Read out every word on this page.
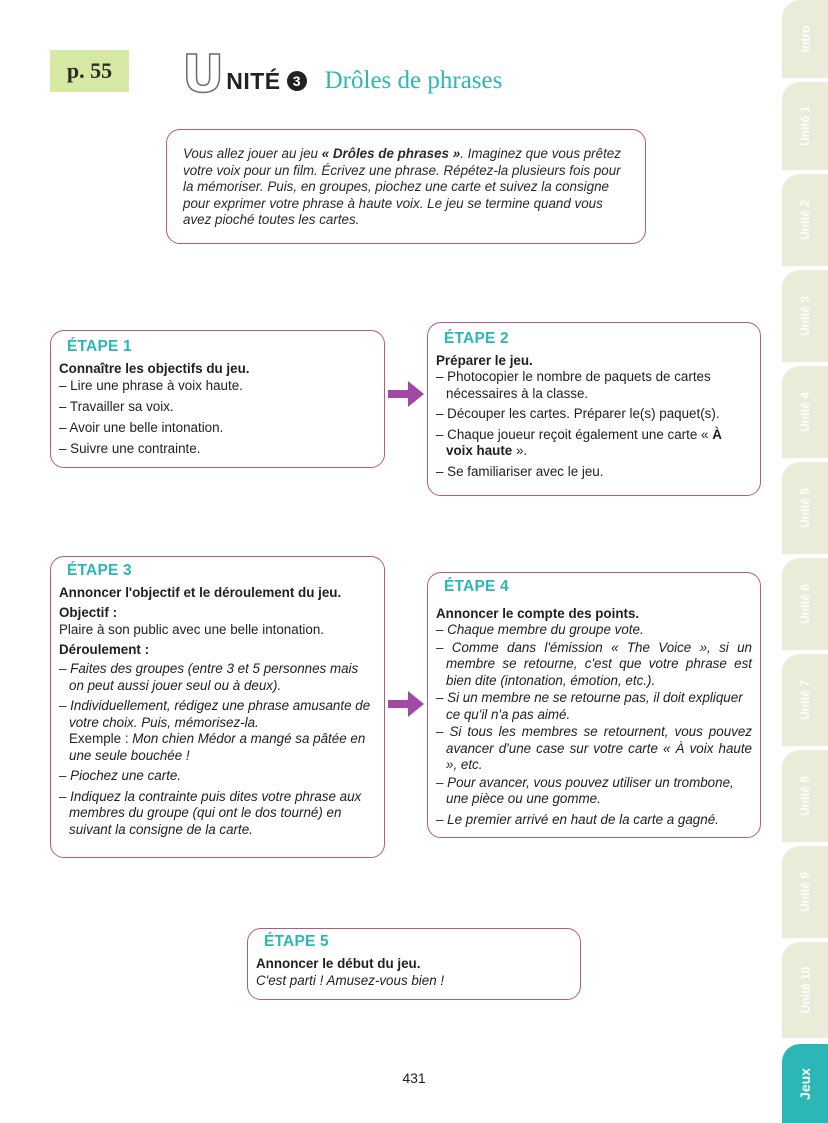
p. 55	U NITÉ 3 Drôles de phrases
Vous allez jouer au jeu « Drôles de phrases ». Imaginez que vous prêtez votre voix pour un film. Écrivez une phrase. Répétez-la plusieurs fois pour la mémoriser. Puis, en groupes, piochez une carte et suivez la consigne pour exprimer votre phrase à haute voix. Le jeu se termine quand vous avez pioché toutes les cartes.
ÉTAPE 1

Connaître les objectifs du jeu.

– Lire une phrase à voix haute.

– Travailler sa voix.

– Avoir une belle intonation.

– Suivre une contrainte.

ÉTAPE 2

Préparer le jeu.

– Photocopier le nombre de paquets de cartes nécessaires à la classe.

– Découper les cartes. Préparer le(s) paquet(s).

– Chaque joueur reçoit également une carte « À voix haute ».

– Se familiariser avec le jeu.

ÉTAPE 3

Annoncer l'objectif et le déroulement du jeu.

Objectif :

Plaire à son public avec une belle intonation.

Déroulement :

– Faites des groupes (entre 3 et 5 personnes mais on peut aussi jouer seul ou à deux).

– Individuellement, rédigez une phrase amusante de votre choix. Puis, mémorisez-la.

Exemple : Mon chien Médor a mangé sa pâtée en une seule bouchée !

– Piochez une carte.

– Indiquez la contrainte puis dites votre phrase aux membres du groupe (qui ont le dos tourné) en suivant la consigne de la carte.

ÉTAPE 4

Annoncer le compte des points.

– Chaque membre du groupe vote.

– Comme dans l'émission « The Voice », si un membre se retourne, c'est que votre phrase est bien dite (intonation, émotion, etc.).

– Si un membre ne se retourne pas, il doit expliquer ce qu'il n'a pas aimé.

– Si tous les membres se retournent, vous pouvez avancer d'une case sur votre carte « À voix haute », etc.

– Pour avancer, vous pouvez utiliser un trombone, une pièce ou une gomme.

– Le premier arrivé en haut de la carte a gagné.

ÉTAPE 5

Annoncer le début du jeu.

C'est parti ! Amusez-vous bien !

431
Intro
Unité 1
Unité 2
Unité 3
Unité 4
Unité 5
Unité 6
Unité 7
Unité 8
Unité 9
Unité 10
Jeux
